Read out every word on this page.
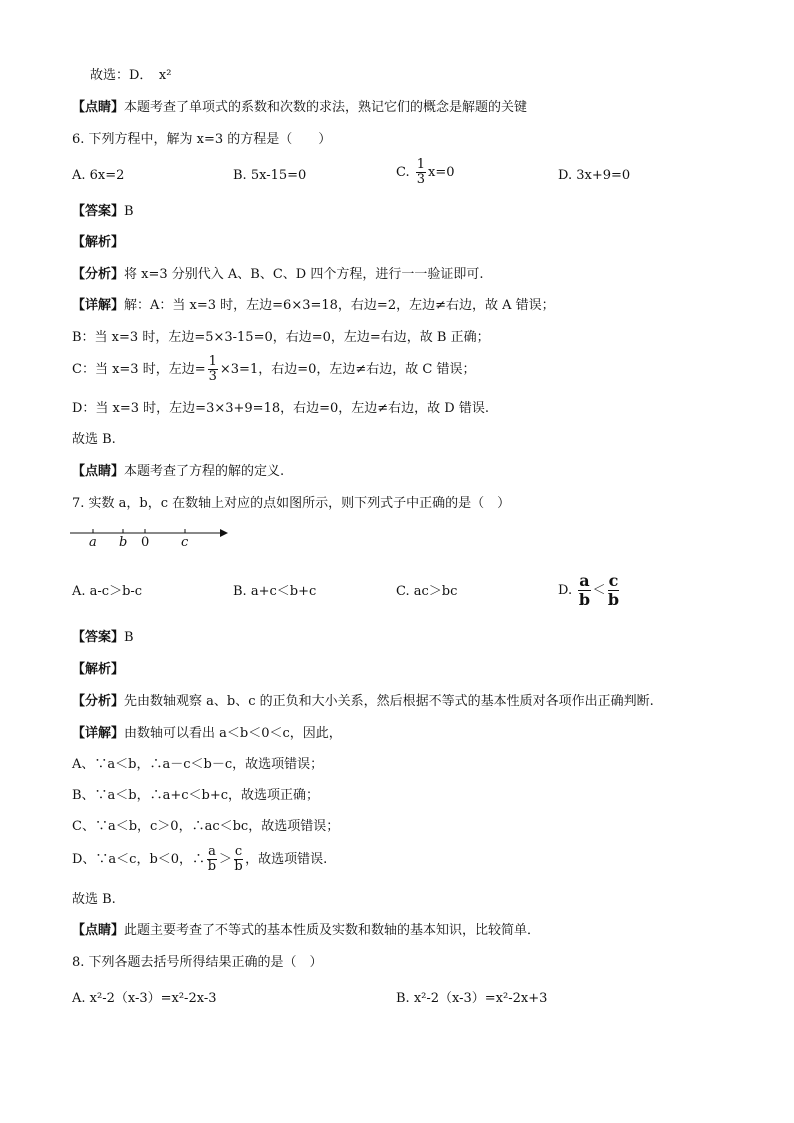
故选：D．　x²
【点睛】本题考查了单项式的系数和次数的求法，熟记它们的概念是解题的关键
6. 下列方程中，解为 x=3 的方程是（　　）
A. 6x=2	B. 5x-15=0	C. $\frac{1}{3} x=0$	D. 3x+9=0
【答案】B
【解析】
【分析】将 x=3 分别代入 A、B、C、D 四个方程，进行一一验证即可.
【详解】解：A：当 x=3 时，左边=6×3=18，右边=2，左边≠右边，故 A 错误；
B：当 x=3 时，左边=5×3-15=0，右边=0，左边=右边，故 B 正确；
C：当 x=3 时，左边= $\frac{1}{3} \times 3=1$，右边=0，左边≠右边，故 C 错误；
D：当 x=3 时，左边=3×3+9=18，右边=0，左边≠右边，故 D 错误.
故选 B.
【点睛】本题考查了方程的解的定义.
7. 实数 a，b，c 在数轴上对应的点如图所示，则下列式子中正确的是（　）
a b 0 c
A. a-c＞b-c	B. a+c＜b+c	C. ac＞bc	D. $\frac{a}{b} < \frac{c}{b}$
【答案】B
【解析】
【分析】先由数轴观察 a、b、c 的正负和大小关系，然后根据不等式的基本性质对各项作出正确判断.
【详解】由数轴可以看出 a＜b＜0＜c，因此，
A、∵a＜b，∴a－c＜b－c，故选项错误；
B、∵a＜b，∴a+c＜b+c，故选项正确；
C、∵a＜b，c＞0，∴ac＜bc，故选项错误；
D、∵a＜c，b＜0，∴ $\frac{a}{b} > \frac{c}{b}$ ，故选项错误.
故选 B.
【点睛】此题主要考查了不等式的基本性质及实数和数轴的基本知识，比较简单．
8. 下列各题去括号所得结果正确的是（　）
A. x²-2（x-3）=x²-2x-3	B. x²-2（x-3）=x²-2x+3
